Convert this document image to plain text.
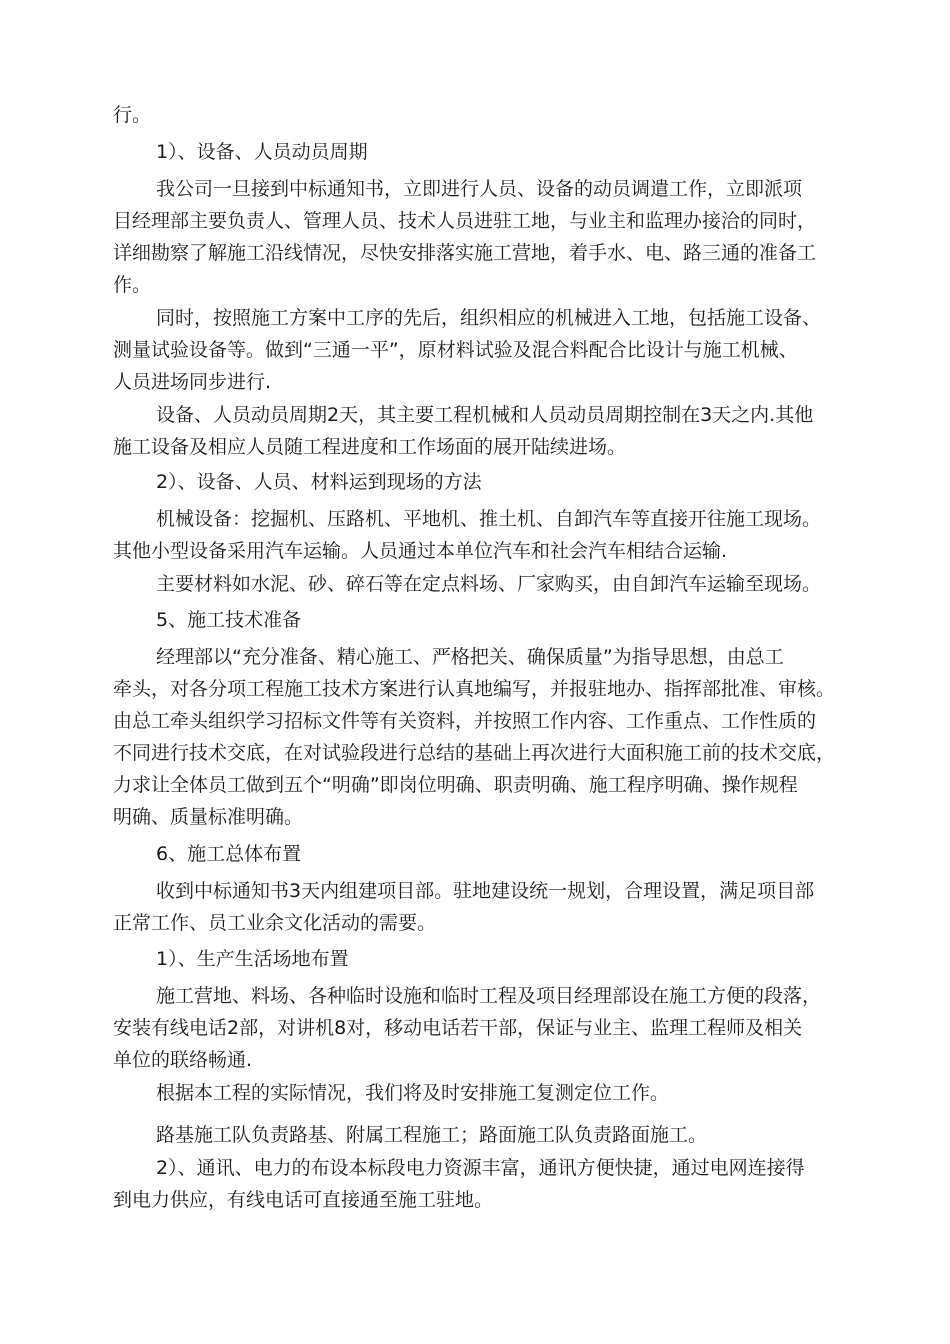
行。
1）、设备、人员动员周期
我公司一旦接到中标通知书，立即进行人员、设备的动员调遣工作，立即派项
目经理部主要负责人、管理人员、技术人员进驻工地，与业主和监理办接洽的同时，
详细勘察了解施工沿线情况，尽快安排落实施工营地，着手水、电、路三通的准备工
作。
同时，按照施工方案中工序的先后，组织相应的机械进入工地，包括施工设备、
测量试验设备等。做到“三通一平”，原材料试验及混合料配合比设计与施工机械、
人员进场同步进行.
设备、人员动员周期2天，其主要工程机械和人员动员周期控制在3天之内.其他
施工设备及相应人员随工程进度和工作场面的展开陆续进场。
2）、设备、人员、材料运到现场的方法
机械设备：挖掘机、压路机、平地机、推土机、自卸汽车等直接开往施工现场。
其他小型设备采用汽车运输。人员通过本单位汽车和社会汽车相结合运输.
主要材料如水泥、砂、碎石等在定点料场、厂家购买，由自卸汽车运输至现场。
5、施工技术准备
经理部以“充分准备、精心施工、严格把关、确保质量”为指导思想，由总工
牵头，对各分项工程施工技术方案进行认真地编写，并报驻地办、指挥部批准、审核。
由总工牵头组织学习招标文件等有关资料，并按照工作内容、工作重点、工作性质的
不同进行技术交底，在对试验段进行总结的基础上再次进行大面积施工前的技术交底，
力求让全体员工做到五个“明确”即岗位明确、职责明确、施工程序明确、操作规程
明确、质量标准明确。
6、施工总体布置
收到中标通知书3天内组建项目部。驻地建设统一规划，合理设置，满足项目部
正常工作、员工业余文化活动的需要。
1）、生产生活场地布置
施工营地、料场、各种临时设施和临时工程及项目经理部设在施工方便的段落，
安装有线电话2部，对讲机8对，移动电话若干部，保证与业主、监理工程师及相关
单位的联络畅通.
根据本工程的实际情况，我们将及时安排施工复测定位工作。
路基施工队负责路基、附属工程施工；路面施工队负责路面施工。
2）、通讯、电力的布设本标段电力资源丰富，通讯方便快捷，通过电网连接得
到电力供应，有线电话可直接通至施工驻地。
